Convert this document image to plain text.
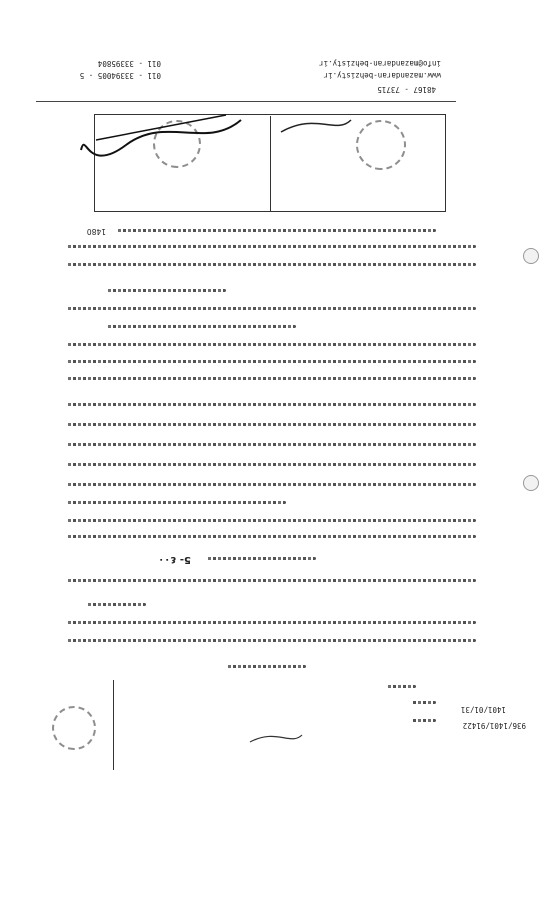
info@mazandaran-behzisty.ir
www.mazandaran-behzisty.ir
48167 - 73715
011 - 33395804
011 - 33394005 - 5
1480
5- ٤٠٠
936/1401/91422
1401/01/31
